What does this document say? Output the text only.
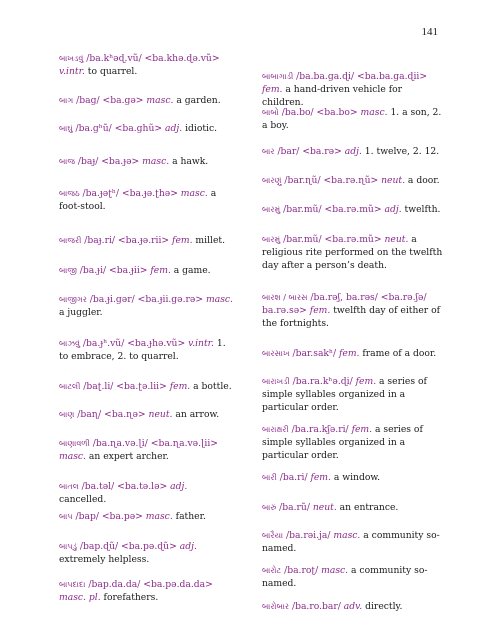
141
બાખડવું /ba.kʰəɖ.vũ/ <ba.khə.ɖə.vũ>
v.intr. to quarrel.
બાગ /bag/ <ba.gə> masc. a garden.
બાઘું /ba.gʰũ/ <ba.ghũ> adj. idiotic.
બાજ /baɟ/ <ba.ɟə> masc. a hawk.
બાજઠ /ba.ɟəʈʰ/ <ba.ɟə.ʈhə> masc. a foot-stool.
બાજરી /baɟ.ri/ <ba.ɟə.rii> fem. millet.
બાજી /ba.ɟi/ <ba.ɟii> fem. a game.
બાજીગર /ba.ɟi.gər/ <ba.ɟii.gə.rə> masc. a juggler.
બાઝવું /ba.ɟʰ.vũ/ <ba.ɟhə.vũ> v.intr. 1. to embrace, 2. to quarrel.
બાટલી /baʈ.li/ <ba.ʈə.lii> fem. a bottle.
બાણ /baɳ/ <ba.ɳə> neut. an arrow.
બાણાવળી /ba.ɳa.və.ɭi/ <ba.ɳa.və.ɭii> masc. an expert archer.
બાતલ /ba.təl/ <ba.tə.lə> adj. cancelled.
બાપ /bap/ <ba.pə> masc. father.
બાપડું /bap.ɖũ/ <ba.pə.ɖũ> adj. extremely helpless.
બાપદાદા /bap.da.da/ <ba.pə.da.da> masc. pl. forefathers.
બાબાગાડી /ba.ba.ga.ɖi/ <ba.ba.ga.ɖii>
fem. a hand-driven vehicle for children.
બાબો /ba.bo/ <ba.bo> masc. 1. a son, 2. a boy.
બાર /bar/ <ba.rə> adj. 1. twelve, 2. 12.
બારણું /bar.ɳũ/ <ba.rə.ɳũ> neut. a door.
બારમું /bar.mũ/ <ba.rə.mũ> adj. twelfth.
બારમું /bar.mũ/ <ba.rə.mũ> neut. a religious rite performed on the twelfth day after a person’s death.
બારશ / બારસ /ba.rəʃ, ba.rəs/ <ba.rə.ʃə/ ba.rə.sə> fem. twelfth day of either of the fortnights.
બારસાખ /bar.sakʰ/ fem. frame of a door.
બારાખડી /ba.ra.kʰə.ɖi/ fem. a series of simple syllables organized in a particular order.
બારાક્ષરી /ba.ra.kʃə.ri/ fem. a series of simple syllables organized in a particular order.
બારી /ba.ri/ fem. a window.
બારું /ba.rũ/ neut. an entrance.
બારૈયા /ba.rəi.ja/ masc. a community so-named.
બારોટ /ba.roʈ/ masc. a community so-named.
બારોબાર /ba.ro.bar/ adv. directly.
